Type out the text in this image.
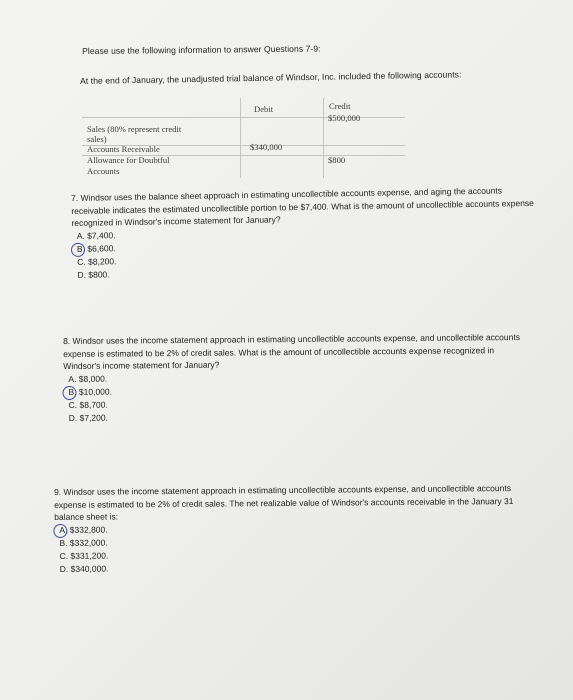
Please use the following information to answer Questions 7-9:
At the end of January, the unadjusted trial balance of Windsor, Inc. included the following accounts:
Debit	Credit
Sales (80% represent credit
sales)
$500,000
Accounts Receivable	$340,000
Allowance for Doubtful
Accounts
$800
7. Windsor uses the balance sheet approach in estimating uncollectible accounts expense, and aging the accounts receivable indicates the estimated uncollectible portion to be $7,400. What is the amount of uncollectible accounts expense recognized in Windsor's income statement for January?
A. $7,400.
B. $6,600.
C. $8,200.
D. $800.
8. Windsor uses the income statement approach in estimating uncollectible accounts expense, and uncollectible accounts expense is estimated to be 2% of credit sales. What is the amount of uncollectible accounts expense recognized in Windsor's income statement for January?
A. $8,000.
B. $10,000.
C. $8,700.
D. $7,200.
9. Windsor uses the income statement approach in estimating uncollectible accounts expense, and uncollectible accounts expense is estimated to be 2% of credit sales. The net realizable value of Windsor's accounts receivable in the January 31 balance sheet is:
A. $332,800.
B. $332,000.
C. $331,200.
D. $340,000.
